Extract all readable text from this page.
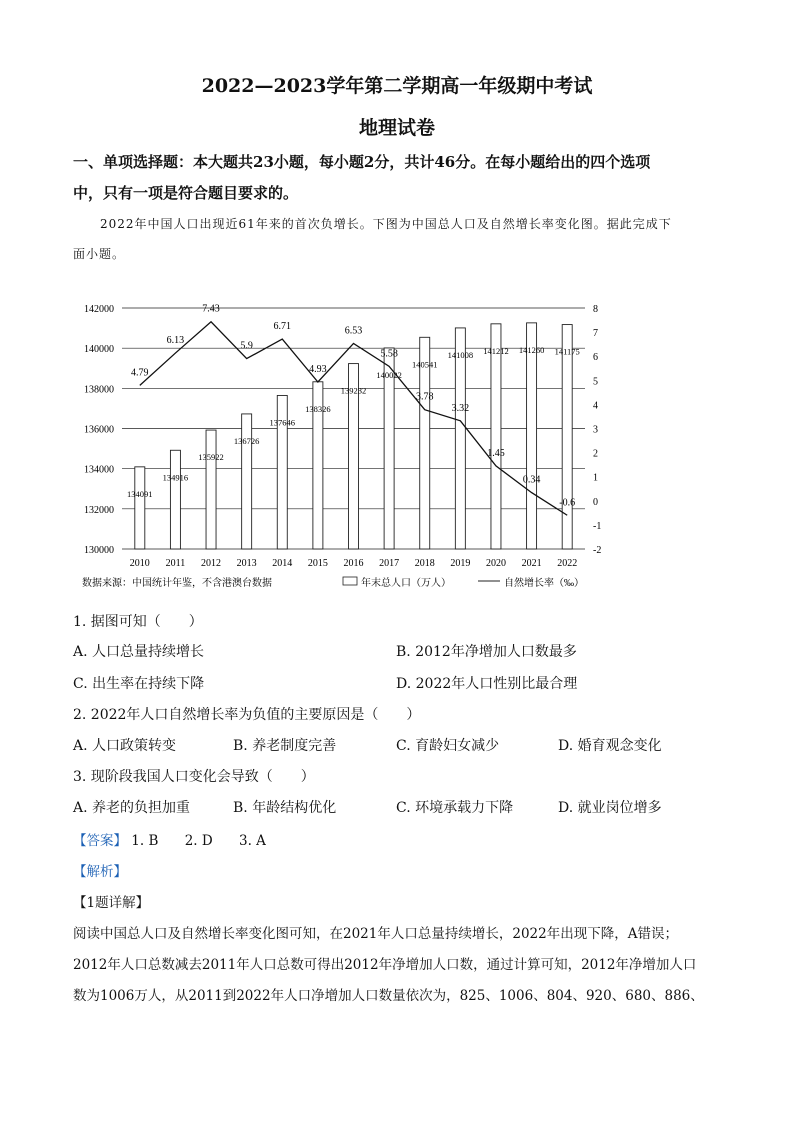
2022—2023学年第二学期高一年级期中考试
地理试卷
一、单项选择题：本大题共23小题，每小题2分，共计46分。在每小题给出的四个选项
中，只有一项是符合题目要求的。
2022年中国人口出现近61年来的首次负增长。下图为中国总人口及自然增长率变化图。据此完成下
面小题。
134091
134916
135922
136726
137646
138326
139232
140022
140541
141008 141212 141260 141175
4.79
6.13
7.43
5.9
6.71
4.93
6.53
5.58
3.78
3.32
1.45
0.34
-0.6
130000
132000
134000
136000
138000
140000
142000
-2
-1
0
1
2
3
4
5
6
7
8
2010 2011 2012 2013 2014 2015 2016 2017 2018 2019 2020 2021 2022
数据来源：中国统计年鉴，不含港澳台数据	年末总人口（万人）	自然增长率（‰）
1. 据图可知（　　）
A. 人口总量持续增长	B. 2012年净增加人口数最多
C. 出生率在持续下降	D. 2022年人口性别比最合理
2. 2022年人口自然增长率为负值的主要原因是（　　）
A. 人口政策转变	B. 养老制度完善	C. 育龄妇女减少	D. 婚育观念变化
3. 现阶段我国人口变化会导致（　　）
A. 养老的负担加重	B. 年龄结构优化	C. 环境承载力下降	D. 就业岗位增多
【答案】 1. B 2. D 3. A
【解析】
【1题详解】
阅读中国总人口及自然增长率变化图可知，在2021年人口总量持续增长，2022年出现下降，A错误；
2012年人口总数减去2011年人口总数可得出2012年净增加人口数，通过计算可知，2012年净增加人口
数为1006万人，从2011到2022年人口净增加人口数量依次为，825、1006、804、920、680、886、
